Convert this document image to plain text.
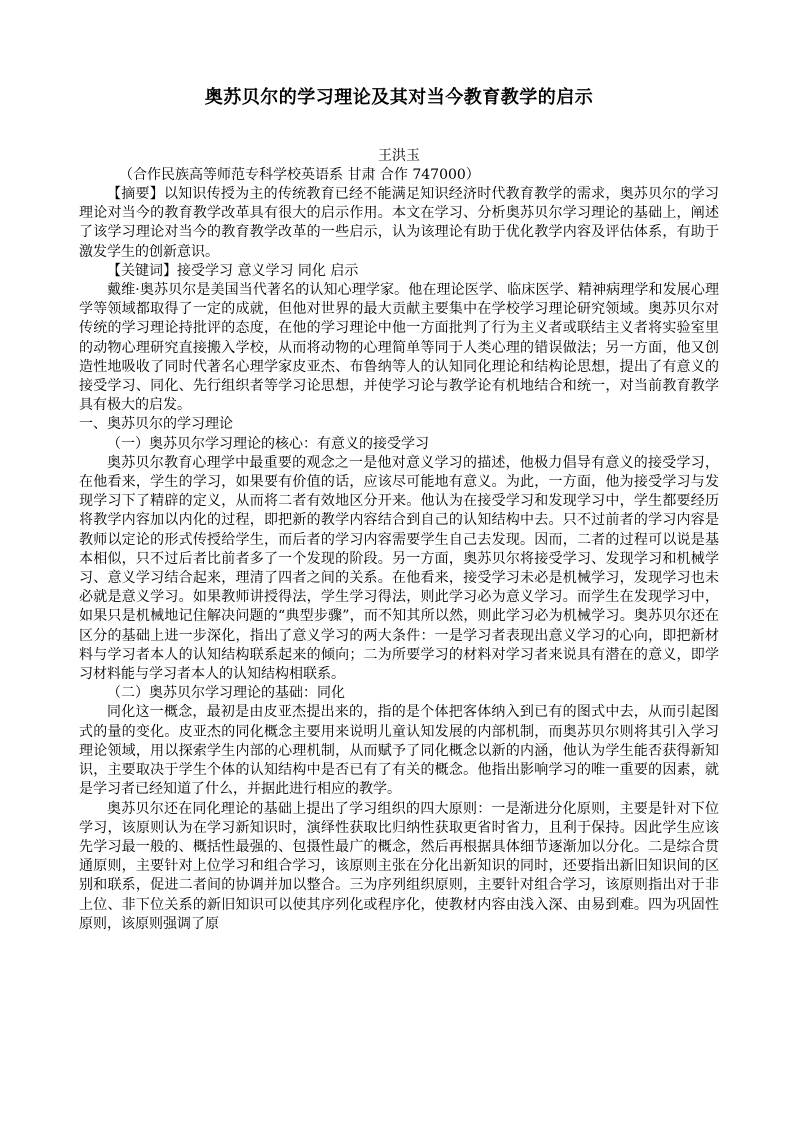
奥苏贝尔的学习理论及其对当今教育教学的启示

王洪玉

（合作民族高等师范专科学校英语系 甘肃 合作 747000）

【摘要】以知识传授为主的传统教育已经不能满足知识经济时代教育教学的需求，奥苏贝尔的学习理论对当今的教育教学改革具有很大的启示作用。本文在学习、分析奥苏贝尔学习理论的基础上，阐述了该学习理论对当今的教育教学改革的一些启示，认为该理论有助于优化教学内容及评估体系，有助于激发学生的创新意识。

【关键词】接受学习 意义学习 同化 启示

戴维·奥苏贝尔是美国当代著名的认知心理学家。他在理论医学、临床医学、精神病理学和发展心理学等领域都取得了一定的成就，但他对世界的最大贡献主要集中在学校学习理论研究领域。奥苏贝尔对传统的学习理论持批评的态度，在他的学习理论中他一方面批判了行为主义者或联结主义者将实验室里的动物心理研究直接搬入学校，从而将动物的心理简单等同于人类心理的错误做法；另一方面，他又创造性地吸收了同时代著名心理学家皮亚杰、布鲁纳等人的认知同化理论和结构论思想，提出了有意义的接受学习、同化、先行组织者等学习论思想，并使学习论与教学论有机地结合和统一，对当前教育教学具有极大的启发。

一、奥苏贝尔的学习理论
（一）奥苏贝尔学习理论的核心：有意义的接受学习

奥苏贝尔教育心理学中最重要的观念之一是他对意义学习的描述，他极力倡导有意义的接受学习，在他看来，学生的学习，如果要有价值的话，应该尽可能地有意义。为此，一方面，他为接受学习与发现学习下了精辟的定义，从而将二者有效地区分开来。他认为在接受学习和发现学习中，学生都要经历将教学内容加以内化的过程，即把新的教学内容结合到自己的认知结构中去。只不过前者的学习内容是教师以定论的形式传授给学生，而后者的学习内容需要学生自己去发现。因而，二者的过程可以说是基本相似，只不过后者比前者多了一个发现的阶段。另一方面，奥苏贝尔将接受学习、发现学习和机械学习、意义学习结合起来，理清了四者之间的关系。在他看来，接受学习未必是机械学习，发现学习也未必就是意义学习。如果教师讲授得法，学生学习得法，则此学习必为意义学习。而学生在发现学习中，如果只是机械地记住解决问题的“典型步骤”，而不知其所以然，则此学习必为机械学习。奥苏贝尔还在区分的基础上进一步深化，指出了意义学习的两大条件：一是学习者表现出意义学习的心向，即把新材料与学习者本人的认知结构联系起来的倾向；二为所要学习的材料对学习者来说具有潜在的意义，即学习材料能与学习者本人的认知结构相联系。

（二）奥苏贝尔学习理论的基础：同化

同化这一概念，最初是由皮亚杰提出来的，指的是个体把客体纳入到已有的图式中去，从而引起图式的量的变化。皮亚杰的同化概念主要用来说明儿童认知发展的内部机制，而奥苏贝尔则将其引入学习理论领域，用以探索学生内部的心理机制，从而赋予了同化概念以新的内涵，他认为学生能否获得新知识，主要取决于学生个体的认知结构中是否已有了有关的概念。他指出影响学习的唯一重要的因素，就是学习者已经知道了什么，并据此进行相应的教学。

奥苏贝尔还在同化理论的基础上提出了学习组织的四大原则：一是渐进分化原则，主要是针对下位学习，该原则认为在学习新知识时，演绎性获取比归纳性获取更省时省力，且利于保持。因此学生应该先学习最一般的、概括性最强的、包摄性最广的概念，然后再根据具体细节逐渐加以分化。二是综合贯通原则，主要针对上位学习和组合学习，该原则主张在分化出新知识的同时，还要指出新旧知识间的区别和联系，促进二者间的协调并加以整合。三为序列组织原则，主要针对组合学习，该原则指出对于非上位、非下位关系的新旧知识可以使其序列化或程序化，使教材内容由浅入深、由易到难。四为巩固性原则，该原则强调了原
